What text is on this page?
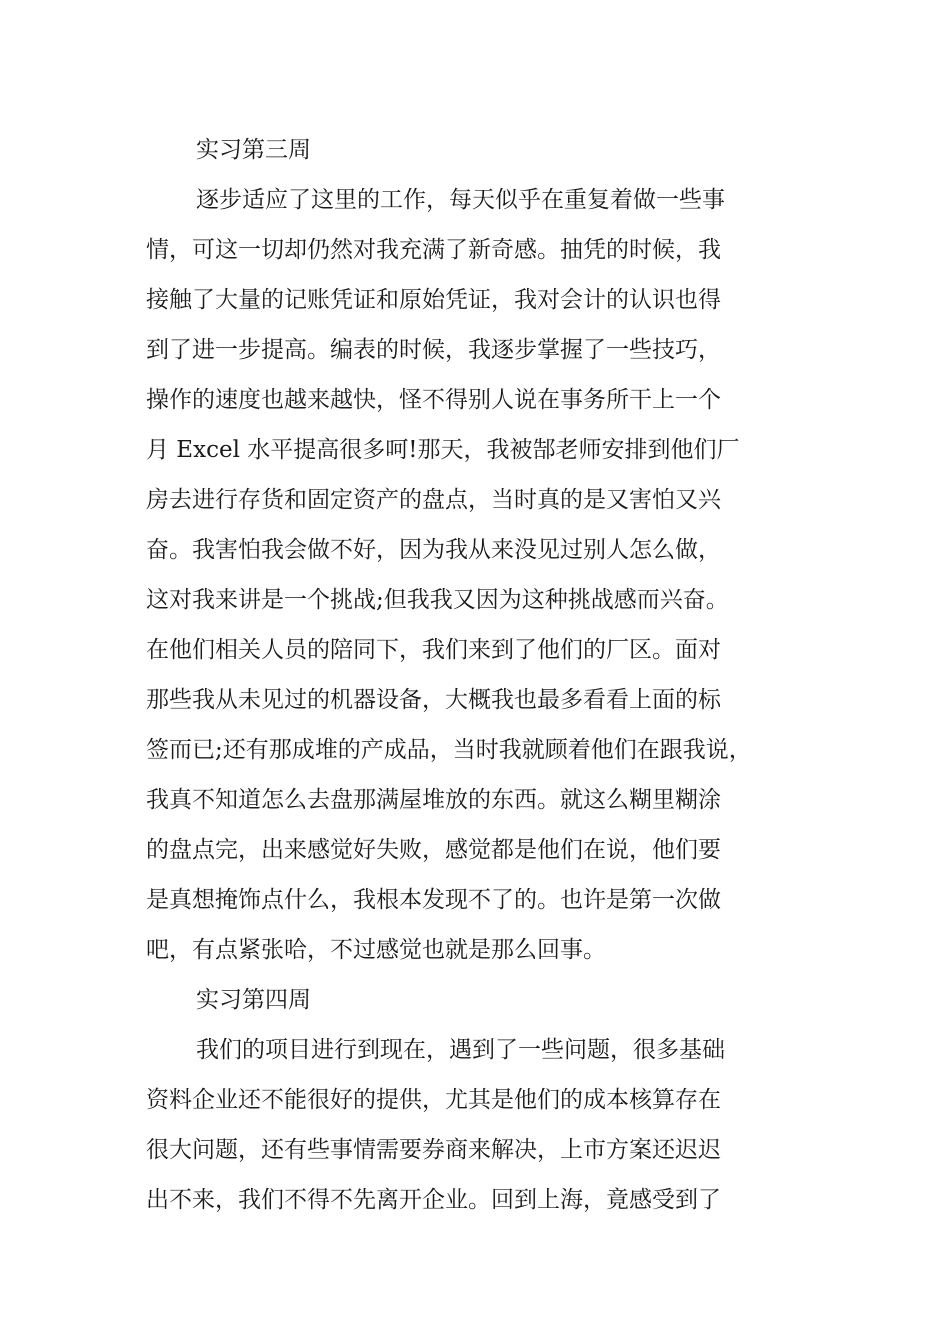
实习第三周
逐步适应了这里的工作，每天似乎在重复着做一些事
情，可这一切却仍然对我充满了新奇感。抽凭的时候，我
接触了大量的记账凭证和原始凭证，我对会计的认识也得
到了进一步提高。编表的时候，我逐步掌握了一些技巧，
操作的速度也越来越快，怪不得别人说在事务所干上一个
月 Excel 水平提高很多呵!那天，我被郜老师安排到他们厂
房去进行存货和固定资产的盘点，当时真的是又害怕又兴
奋。我害怕我会做不好，因为我从来没见过别人怎么做，
这对我来讲是一个挑战;但我我又因为这种挑战感而兴奋。
在他们相关人员的陪同下，我们来到了他们的厂区。面对
那些我从未见过的机器设备，大概我也最多看看上面的标
签而已;还有那成堆的产成品，当时我就顾着他们在跟我说，
我真不知道怎么去盘那满屋堆放的东西。就这么糊里糊涂
的盘点完，出来感觉好失败，感觉都是他们在说，他们要
是真想掩饰点什么，我根本发现不了的。也许是第一次做
吧，有点紧张哈，不过感觉也就是那么回事。
实习第四周
我们的项目进行到现在，遇到了一些问题，很多基础
资料企业还不能很好的提供，尤其是他们的成本核算存在
很大问题，还有些事情需要券商来解决，上市方案还迟迟
出不来，我们不得不先离开企业。回到上海，竟感受到了
